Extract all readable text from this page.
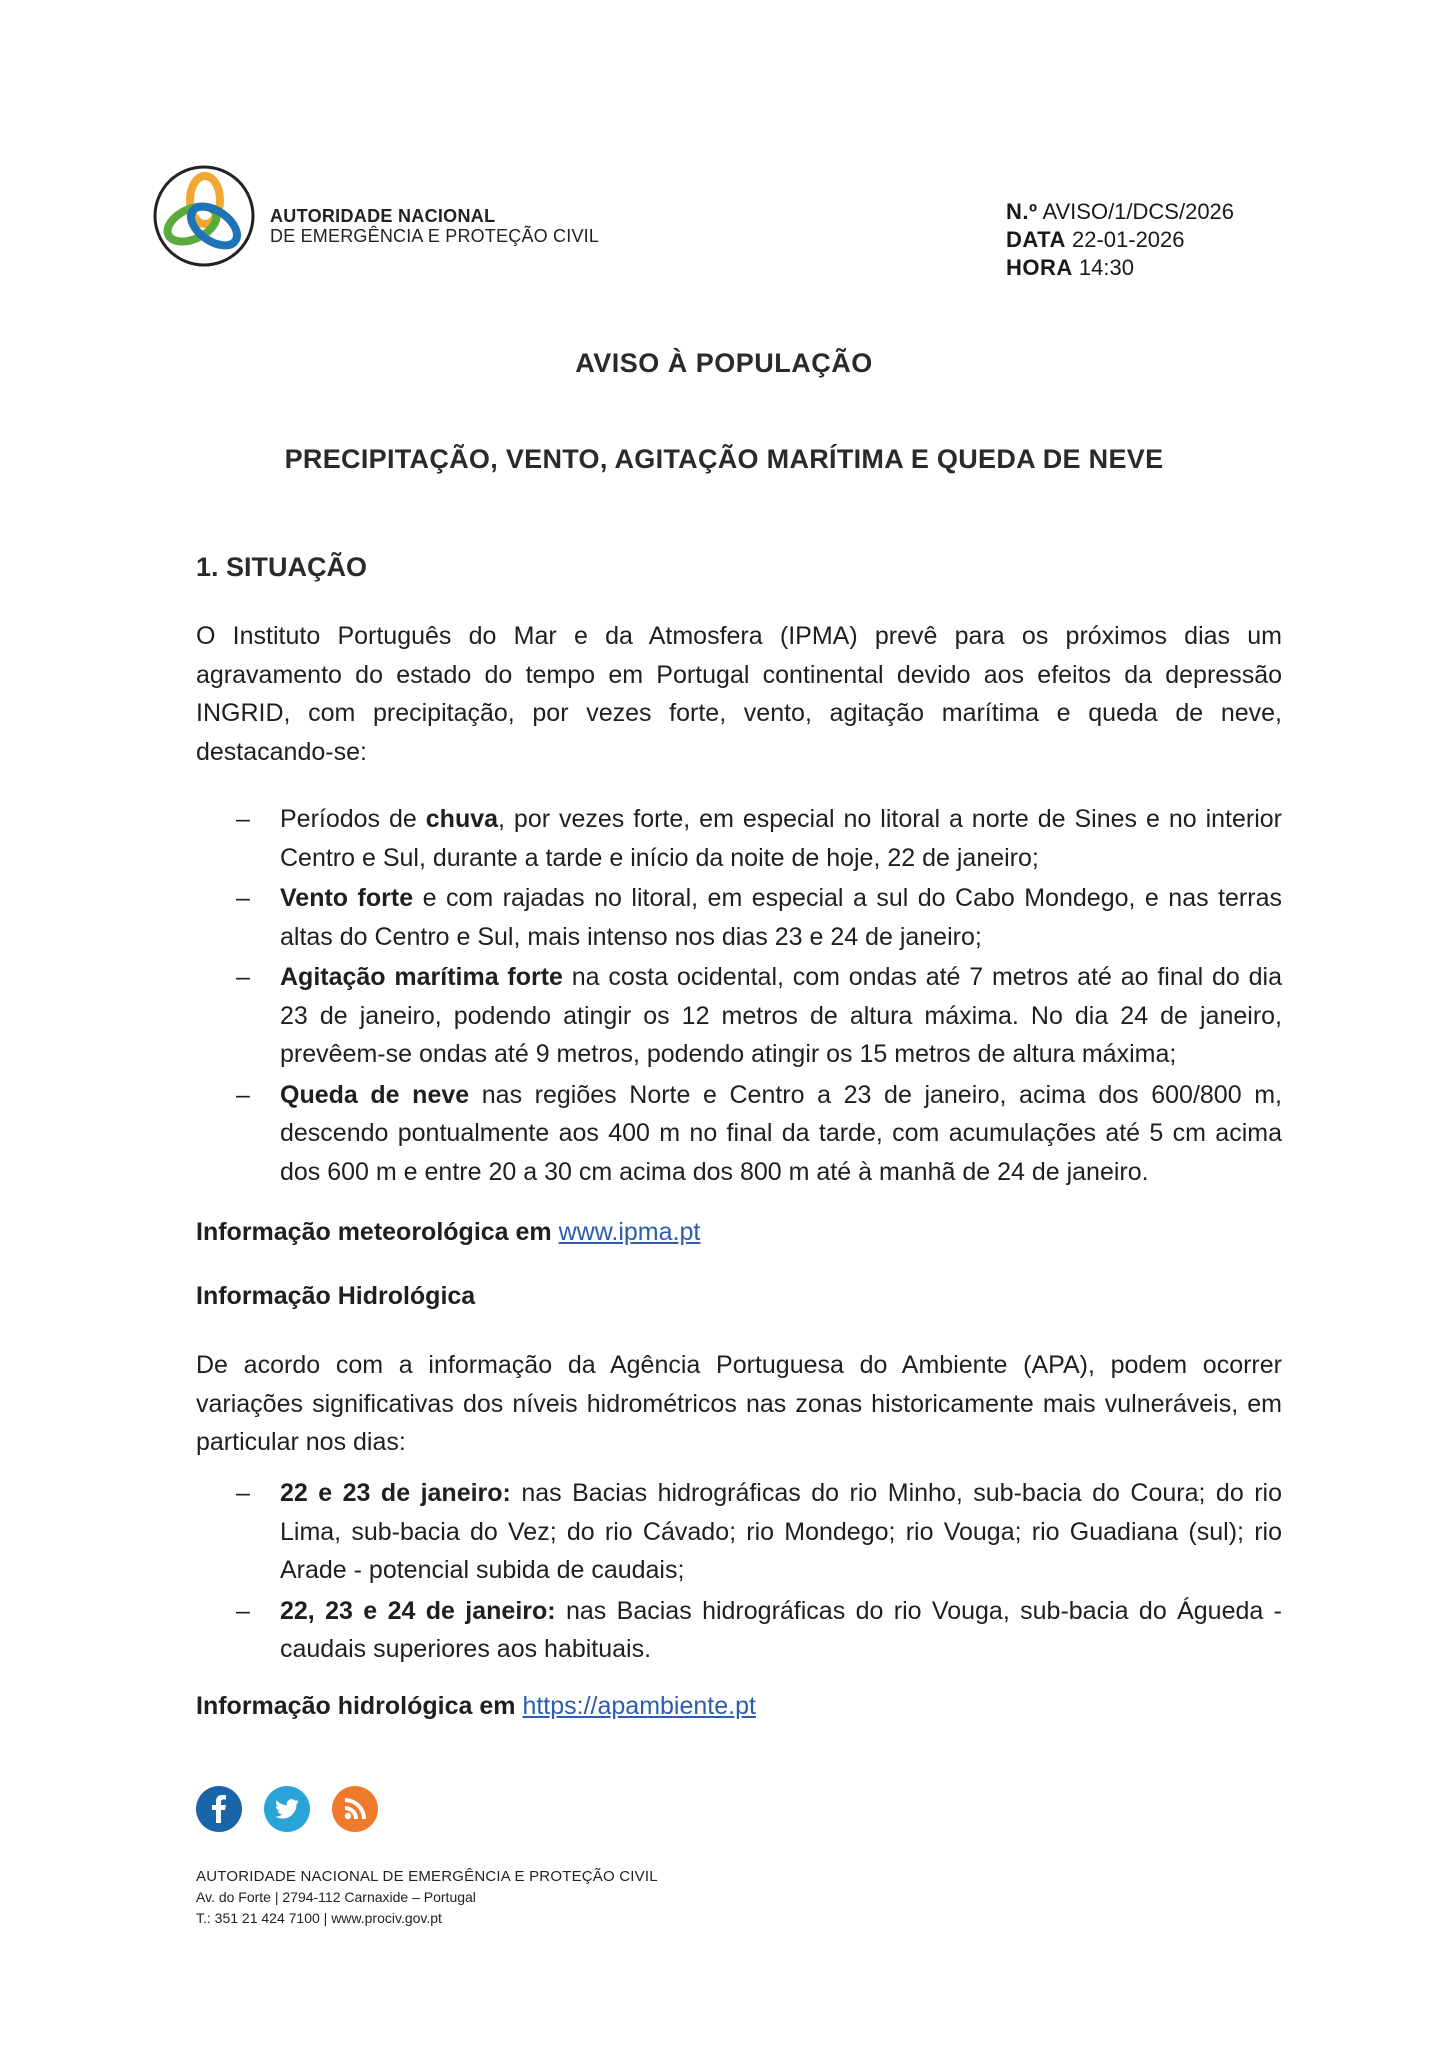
AUTORIDADE NACIONAL
DE EMERGÊNCIA E PROTEÇÃO CIVIL
N.º AVISO/1/DCS/2026
DATA 22-01-2026
HORA 14:30
AVISO À POPULAÇÃO
PRECIPITAÇÃO, VENTO, AGITAÇÃO MARÍTIMA E QUEDA DE NEVE
1. SITUAÇÃO
O Instituto Português do Mar e da Atmosfera (IPMA) prevê para os próximos dias um agravamento do estado do tempo em Portugal continental devido aos efeitos da depressão INGRID, com precipitação, por vezes forte, vento, agitação marítima e queda de neve, destacando-se:
– Períodos de chuva, por vezes forte, em especial no litoral a norte de Sines e no interior Centro e Sul, durante a tarde e início da noite de hoje, 22 de janeiro;
– Vento forte e com rajadas no litoral, em especial a sul do Cabo Mondego, e nas terras altas do Centro e Sul, mais intenso nos dias 23 e 24 de janeiro;
– Agitação marítima forte na costa ocidental, com ondas até 7 metros até ao final do dia 23 de janeiro, podendo atingir os 12 metros de altura máxima. No dia 24 de janeiro, prevêem-se ondas até 9 metros, podendo atingir os 15 metros de altura máxima;
– Queda de neve nas regiões Norte e Centro a 23 de janeiro, acima dos 600/800 m, descendo pontualmente aos 400 m no final da tarde, com acumulações até 5 cm acima dos 600 m e entre 20 a 30 cm acima dos 800 m até à manhã de 24 de janeiro.
Informação meteorológica em www.ipma.pt
Informação Hidrológica
De acordo com a informação da Agência Portuguesa do Ambiente (APA), podem ocorrer variações significativas dos níveis hidrométricos nas zonas historicamente mais vulneráveis, em particular nos dias:
– 22 e 23 de janeiro: nas Bacias hidrográficas do rio Minho, sub-bacia do Coura; do rio Lima, sub-bacia do Vez; do rio Cávado; rio Mondego; rio Vouga; rio Guadiana (sul); rio Arade - potencial subida de caudais;
– 22, 23 e 24 de janeiro: nas Bacias hidrográficas do rio Vouga, sub-bacia do Águeda - caudais superiores aos habituais.
Informação hidrológica em https://apambiente.pt
AUTORIDADE NACIONAL DE EMERGÊNCIA E PROTEÇÃO CIVIL
Av. do Forte | 2794-112 Carnaxide – Portugal
T.: 351 21 424 7100 | www.prociv.gov.pt
